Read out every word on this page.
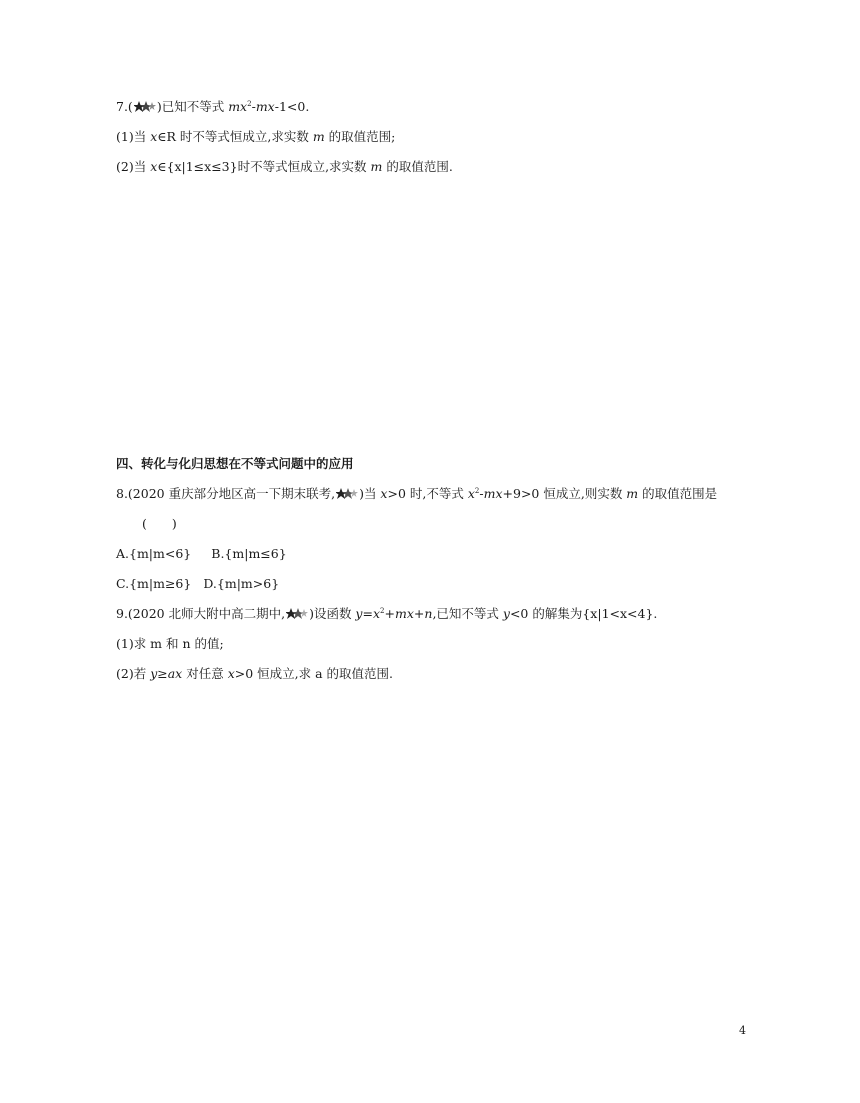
7.( )已知不等式 $mx^2-mx-1<0$.
(1)当 x∈R 时不等式恒成立,求实数 m 的取值范围;
(2)当 x∈{x|1≤x≤3}时不等式恒成立,求实数 m 的取值范围.
四、转化与化归思想在不等式问题中的应用
8.(2020 重庆部分地区高一下期末联考, )当 x>0 时,不等式 $x^2-mx+9>0$ 恒成立,则实数 m 的取值范围是
(　　)
A.{m|m<6} B.{m|m≤6}
C.{m|m≥6} D.{m|m>6}
9.(2020 北师大附中高二期中, )设函数 $y=x^2+mx+n$,已知不等式 y<0 的解集为{x|1<x<4}.
(1)求 m 和 n 的值;
(2)若 y≥ax 对任意 x>0 恒成立,求 a 的取值范围.
4
